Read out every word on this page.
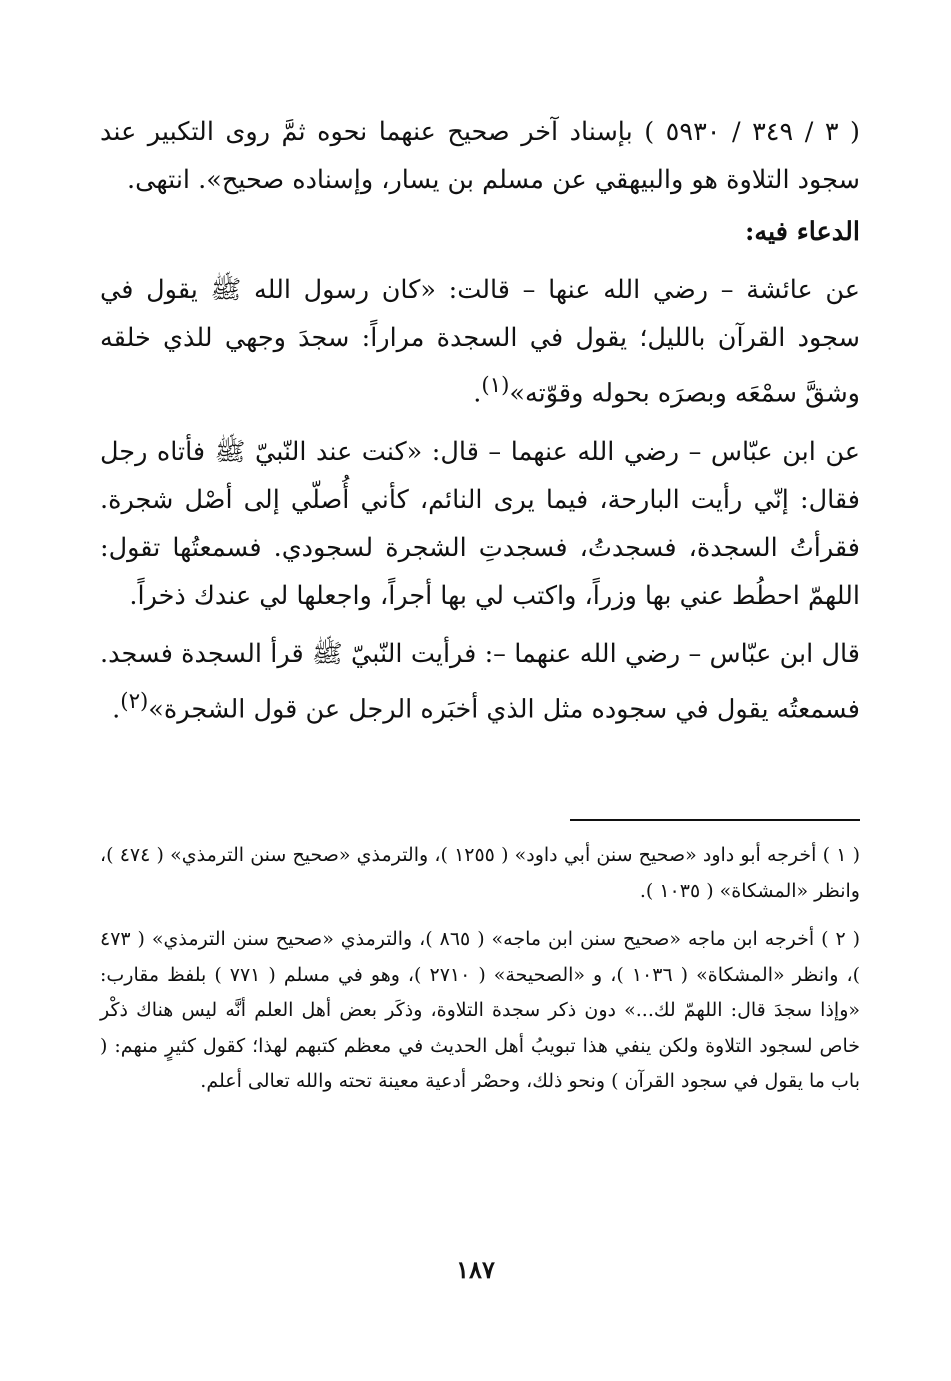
( ٣ / ٣٤٩ / ٥٩٣٠ ) بإسناد آخر صحيح عنهما نحوه ثمَّ روى التكبير عند سجود التلاوة هو والبيهقي عن مسلم بن يسار، وإسناده صحيح». انتهى.

الدعاء فيه:

عن عائشة – رضي الله عنها – قالت: «كان رسول الله ﷺ يقول في سجود القرآن بالليل؛ يقول في السجدة مراراً: سجدَ وجهي للذي خلقه وشقَّ سمْعَه وبصرَه بحوله وقوّته»$^{(١)}$.

عن ابن عبّاس – رضي الله عنهما – قال: «كنت عند النّبيّ ﷺ فأتاه رجل فقال: إنّي رأيت البارحة، فيما يرى النائم، كأني أُصلّي إلى أصْل شجرة. فقرأتُ السجدة، فسجدتُ، فسجدتِ الشجرة لسجودي. فسمعتُها تقول: اللهمّ احطُط عني بها وزراً، واكتب لي بها أجراً، واجعلها لي عندك ذخراً.

قال ابن عبّاس – رضي الله عنهما –: فرأيت النّبيّ ﷺ قرأ السجدة فسجد. فسمعتُه يقول في سجوده مثل الذي أخبَره الرجل عن قول الشجرة»$^{(٢)}$.

( ١ ) أخرجه أبو داود «صحيح سنن أبي داود» ( ١٢٥٥ )، والترمذي «صحيح سنن الترمذي» ( ٤٧٤ )، وانظر «المشكاة» ( ١٠٣٥ ).

( ٢ ) أخرجه ابن ماجه «صحيح سنن ابن ماجه» ( ٨٦٥ )، والترمذي «صحيح سنن الترمذي» ( ٤٧٣ )، وانظر «المشكاة» ( ١٠٣٦ )، و «الصحيحة» ( ٢٧١٠ )، وهو في مسلم ( ٧٧١ ) بلفظ مقارب: «وإذا سجدَ قال: اللهمّ لك...» دون ذكر سجدة التلاوة، وذكَر بعض أهل العلم أنَّه ليس هناك ذكْر خاص لسجود التلاوة ولكن ينفي هذا تبويبُ أهل الحديث في معظم كتبهم لهذا؛ كقول كثيرٍ منهم: ( باب ما يقول في سجود القرآن ) ونحو ذلك، وحصْر أدعية معينة تحته والله تعالى أعلم.

١٨٧
